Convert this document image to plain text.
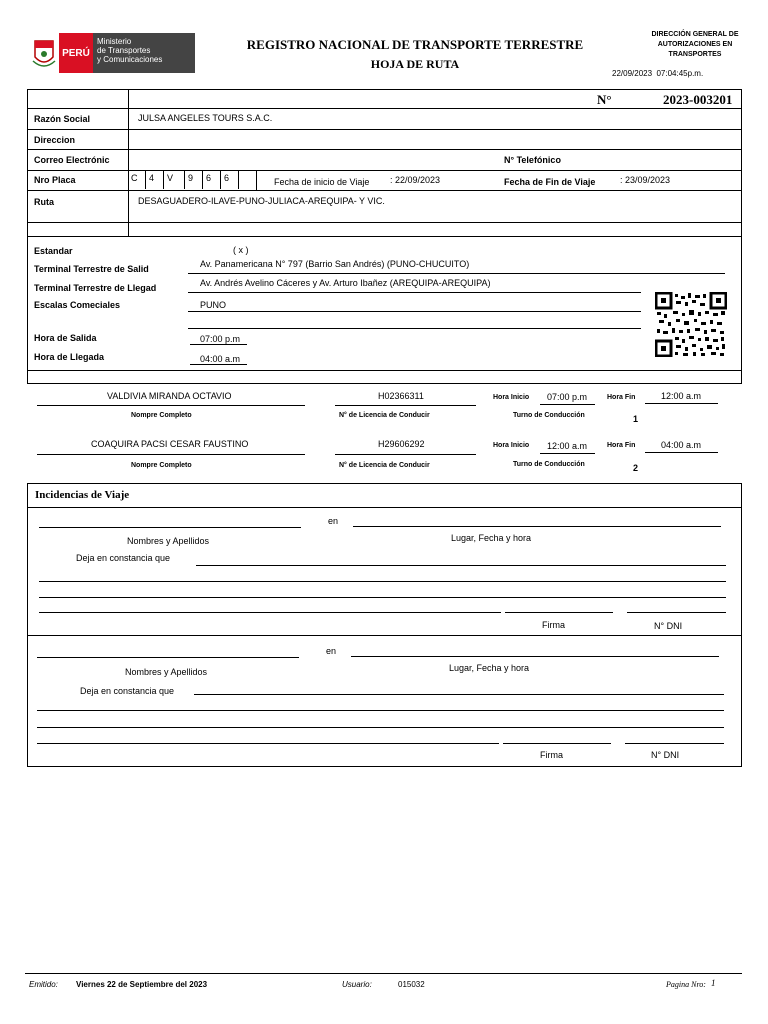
PERÚ
Ministerio
de Transportes
y Comunicaciones
REGISTRO NACIONAL DE TRANSPORTE TERRESTRE
HOJA DE RUTA
DIRECCIÓN GENERAL DE
AUTORIZACIONES EN
TRANSPORTES
22/09/2023  07:04:45p.m.
N°	2023-003201
Razón Social	JULSA ANGELES TOURS S.A.C.
Direccion
Correo Electrónic	N° Telefónico
Nro Placa	C	4	V	9	6	6	Fecha de inicio de Viaje : 22/09/2023	Fecha de Fin de Viaje	: 23/09/2023
Ruta	DESAGUADERO-ILAVE-PUNO-JULIACA-AREQUIPA- Y VIC.
Estandar	( x )
Terminal Terrestre de Salid	Av. Panamericana N° 797 (Barrio San Andrés) (PUNO-CHUCUITO)
Terminal Terrestre de Llegad	Av. Andrés Avelino Cáceres y Av. Arturo Ibañez (AREQUIPA-AREQUIPA)
Escalas Comeciales	PUNO
Hora de Salida	07:00 p.m
Hora de Llegada	04:00 a.m
VALDIVIA MIRANDA OCTAVIO
Nompre Completo
H02366311
N° de Licencia de Conducir
Hora Inicio 07:00 p.m	Hora Fin	12:00 a.m
Turno de Conducción	1
COAQUIRA PACSI CESAR FAUSTINO
Nompre Completo
H29606292
N° de Licencia de Conducir
Hora Inicio 12:00 a.m	Hora Fin	04:00 a.m
Turno de Conducción	2
Incidencias de Viaje
en
Nombres y Apellidos	Lugar, Fecha y hora
Deja en constancia que
Firma	N° DNI
en
Nombres y Apellidos	Lugar, Fecha y hora
Deja en constancia que
Firma	N° DNI
Emitido: Viernes 22 de Septiembre del 2023	Usuario:	015032	Pagina Nro: 1
